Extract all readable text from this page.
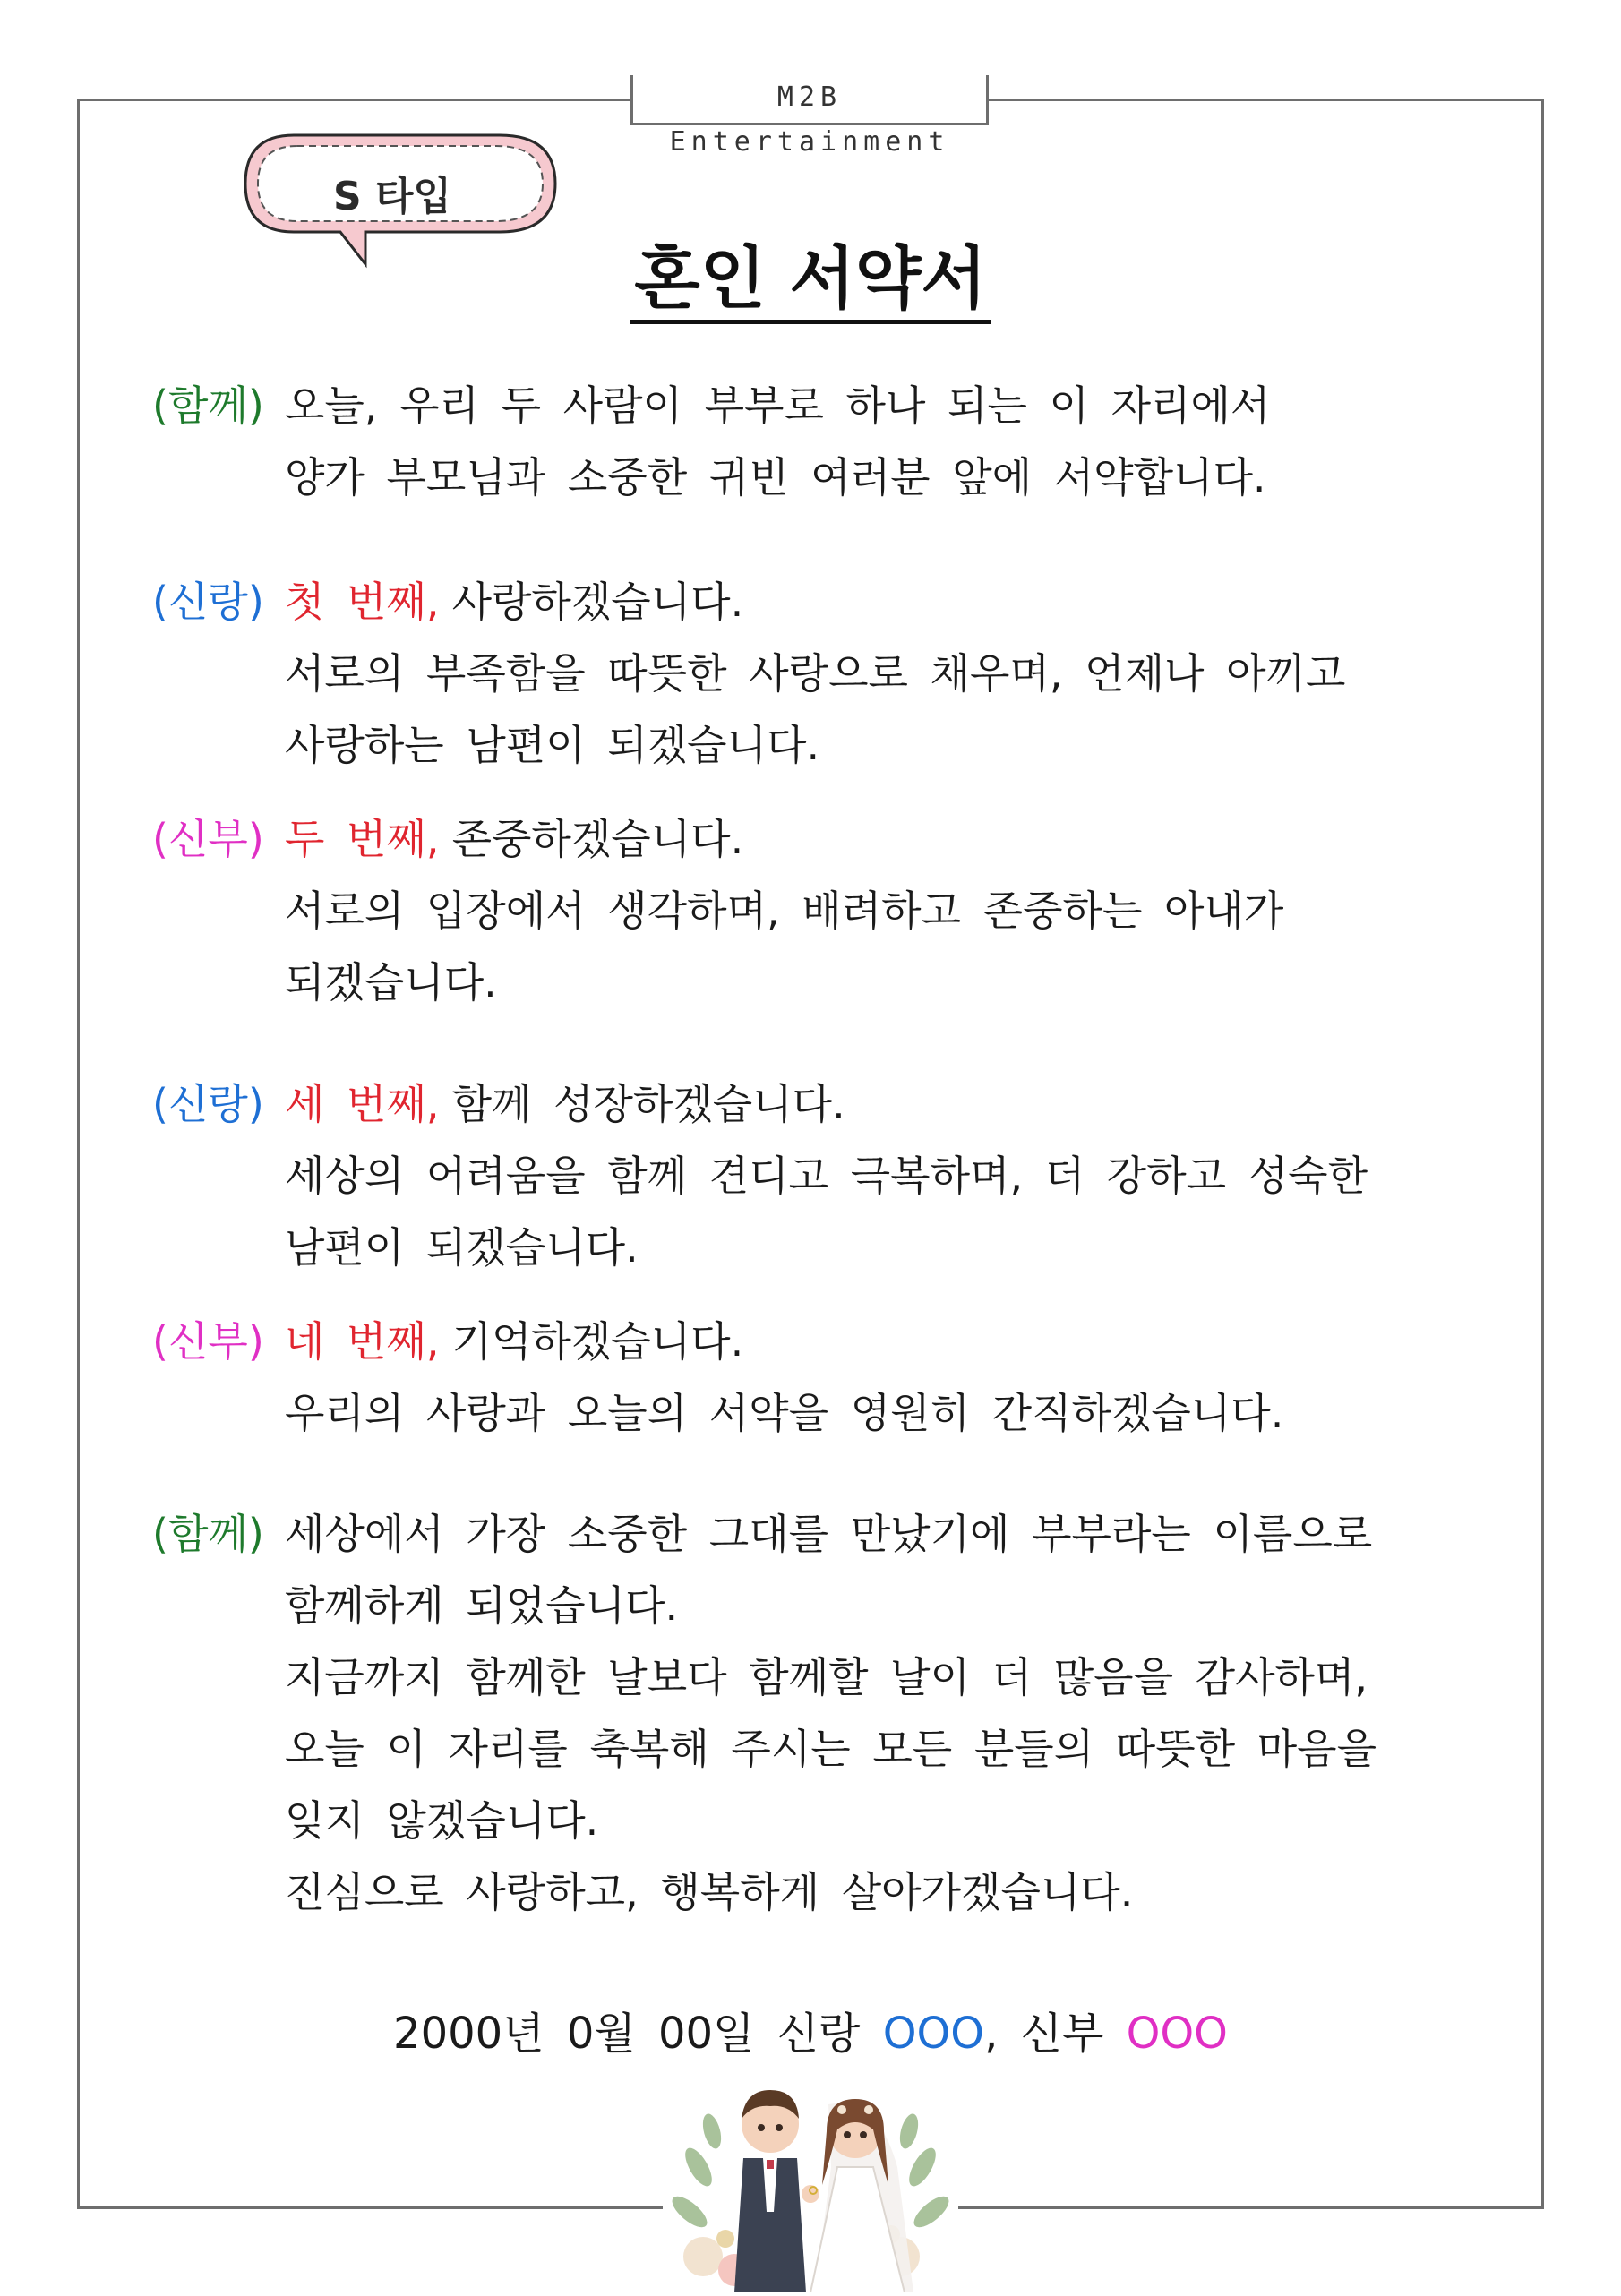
M2B Entertainment
S 타입
혼인 서약서
(함께) 오늘, 우리 두 사람이 부부로 하나 되는 이 자리에서
양가 부모님과 소중한 귀빈 여러분 앞에 서약합니다.
(신랑) 첫 번째, 사랑하겠습니다.
서로의 부족함을 따뜻한 사랑으로 채우며, 언제나 아끼고
사랑하는 남편이 되겠습니다.
(신부) 두 번째, 존중하겠습니다.
서로의 입장에서 생각하며, 배려하고 존중하는 아내가
되겠습니다.
(신랑) 세 번째, 함께 성장하겠습니다.
세상의 어려움을 함께 견디고 극복하며, 더 강하고 성숙한
남편이 되겠습니다.
(신부) 네 번째, 기억하겠습니다.
우리의 사랑과 오늘의 서약을 영원히 간직하겠습니다.
(함께) 세상에서 가장 소중한 그대를 만났기에 부부라는 이름으로
함께하게 되었습니다.
지금까지 함께한 날보다 함께할 날이 더 많음을 감사하며,
오늘 이 자리를 축복해 주시는 모든 분들의 따뜻한 마음을
잊지 않겠습니다.
진심으로 사랑하고, 행복하게 살아가겠습니다.
2000년 0월 00일 신랑 OOO, 신부 OOO
